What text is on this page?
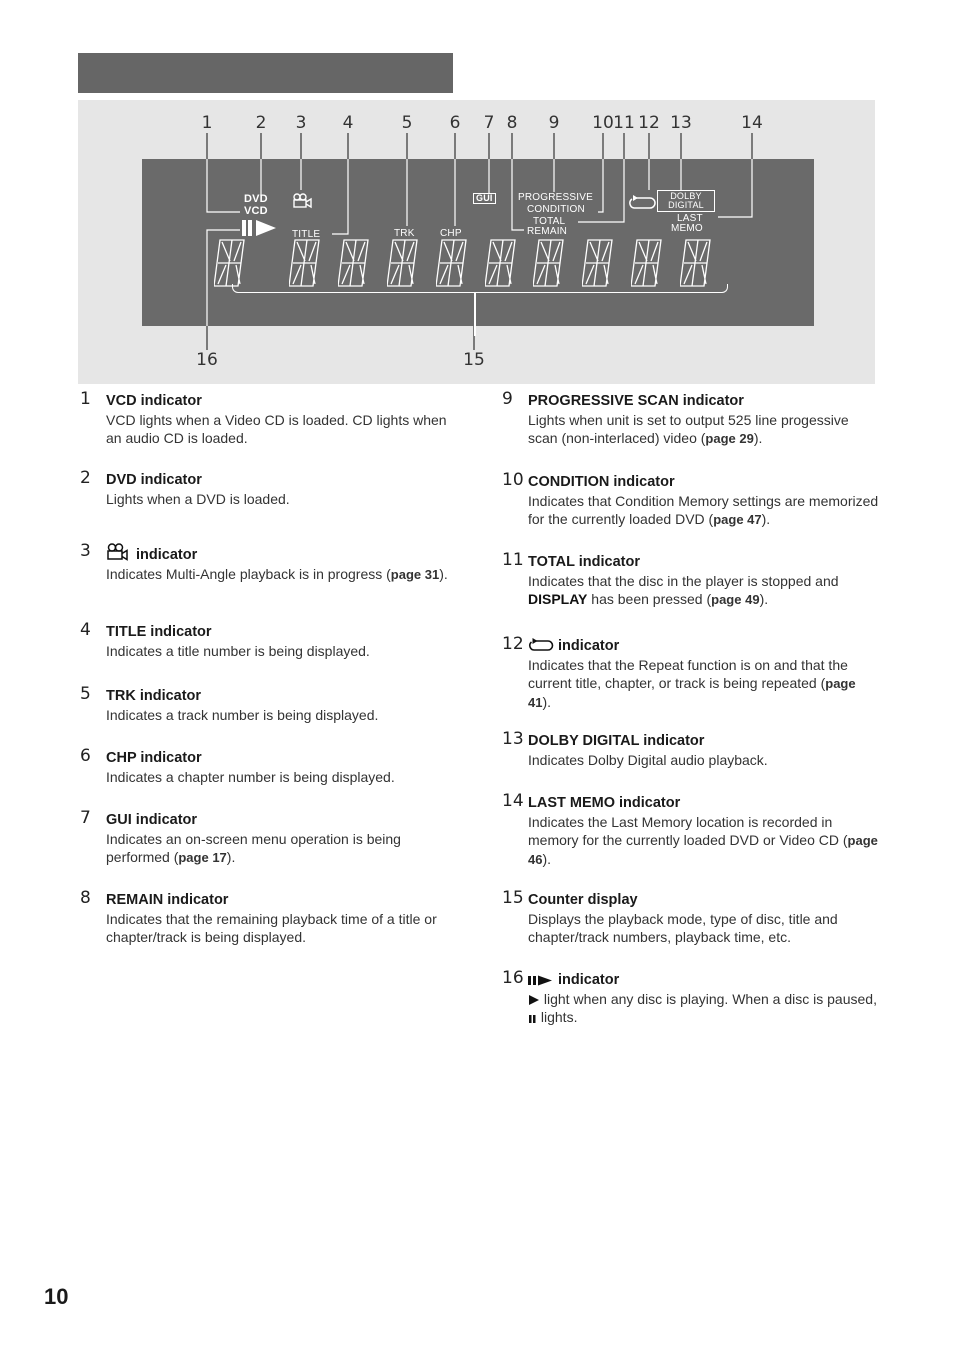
1	2 3 4	5 6 7 8 9 10 11 12 13	14
16	15
DVD
VCD
TITLE	TRK	CHP
GUI	PROGRESSIVE
CONDITION
TOTAL
REMAIN
DOLBY
DIGITAL
LAST
MEMO
1	VCD indicator
VCD lights when a Video CD is loaded. CD lights when an audio CD is loaded.
2	DVD indicator
Lights when a DVD is loaded.
3	indicator
Indicates Multi-Angle playback is in progress (page 31).
4	TITLE indicator
Indicates a title number is being displayed.
5	TRK indicator
Indicates a track number is being displayed.
6	CHP indicator
Indicates a chapter number is being displayed.
7	GUI indicator
Indicates an on-screen menu operation is being performed (page 17).
8	REMAIN indicator
Indicates that the remaining playback time of a title or chapter/track is being displayed.
9	PROGRESSIVE SCAN indicator
Lights when unit is set to output 525 line progessive scan (non-interlaced) video (page 29).
10 CONDITION indicator
Indicates that Condition Memory settings are memorized for the currently loaded DVD (page 47).
11 TOTAL indicator
Indicates that the disc in the player is stopped and DISPLAY has been pressed (page 49).
12	indicator
Indicates that the Repeat function is on and that the current title, chapter, or track is being repeated (page 41).
13 DOLBY DIGITAL indicator
Indicates Dolby Digital audio playback.
14 LAST MEMO indicator
Indicates the Last Memory location is recorded in memory for the currently loaded DVD or Video CD (page 46).
15 Counter display
Displays the playback mode, type of disc, title and chapter/track numbers, playback time, etc.
16	indicator
light when any disc is playing. When a disc is paused,  lights.
10
